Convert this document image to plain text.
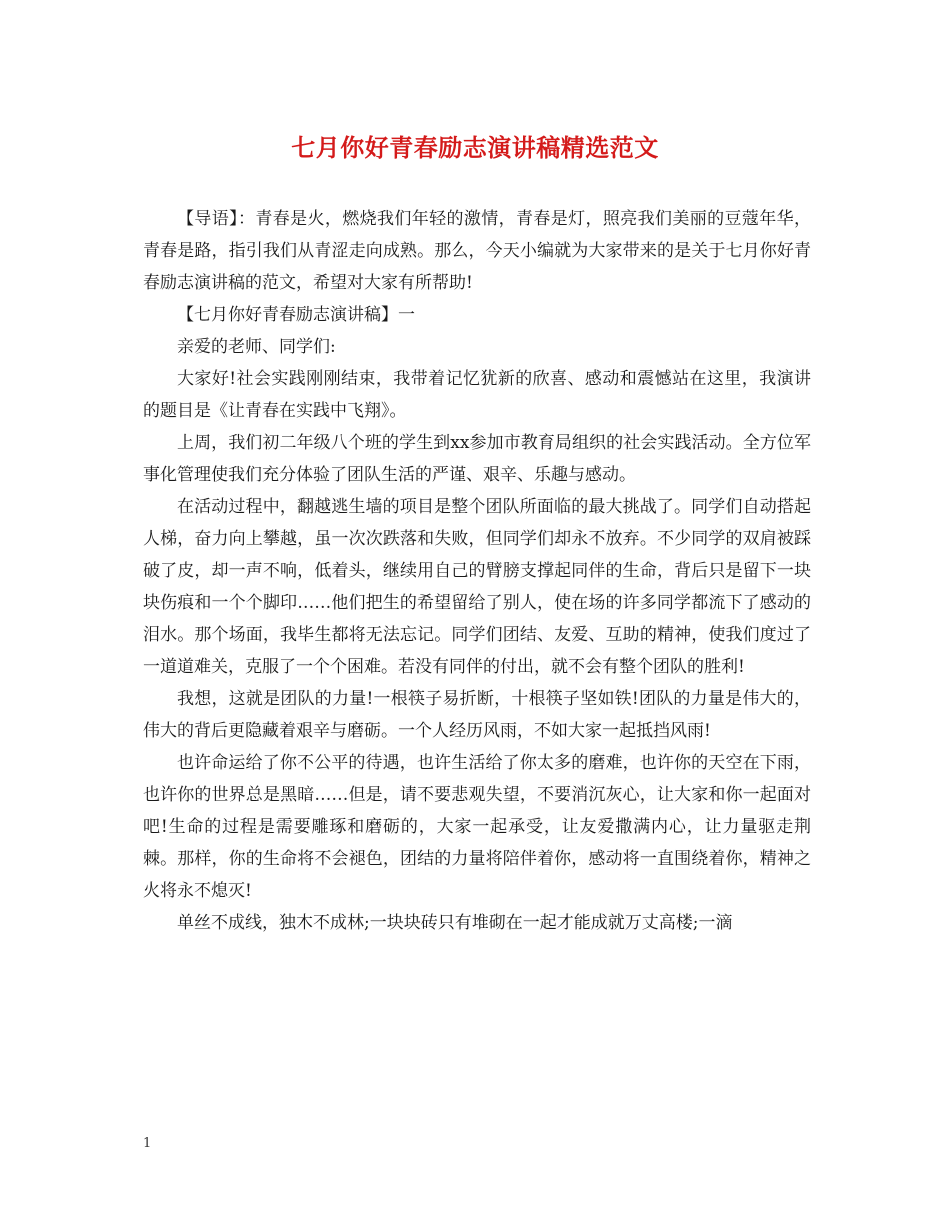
七月你好青春励志演讲稿精选范文

【导语】：青春是火，燃烧我们年轻的激情，青春是灯，照亮我们美丽的豆蔻年华，青春是路，指引我们从青涩走向成熟。那么，今天小编就为大家带来的是关于七月你好青春励志演讲稿的范文，希望对大家有所帮助!

【七月你好青春励志演讲稿】一

亲爱的老师、同学们:

大家好!社会实践刚刚结束，我带着记忆犹新的欣喜、感动和震憾站在这里，我演讲的题目是《让青春在实践中飞翔》。

上周，我们初二年级八个班的学生到xx参加市教育局组织的社会实践活动。全方位军事化管理使我们充分体验了团队生活的严谨、艰辛、乐趣与感动。

在活动过程中，翻越逃生墙的项目是整个团队所面临的最大挑战了。同学们自动搭起人梯，奋力向上攀越，虽一次次跌落和失败，但同学们却永不放弃。不少同学的双肩被踩破了皮，却一声不响，低着头，继续用自己的臂膀支撑起同伴的生命，背后只是留下一块块伤痕和一个个脚印……他们把生的希望留给了别人，使在场的许多同学都流下了感动的泪水。那个场面，我毕生都将无法忘记。同学们团结、友爱、互助的精神，使我们度过了一道道难关，克服了一个个困难。若没有同伴的付出，就不会有整个团队的胜利!

我想，这就是团队的力量!一根筷子易折断，十根筷子坚如铁!团队的力量是伟大的，伟大的背后更隐藏着艰辛与磨砺。一个人经历风雨，不如大家一起抵挡风雨!

也许命运给了你不公平的待遇，也许生活给了你太多的磨难，也许你的天空在下雨，也许你的世界总是黑暗……但是，请不要悲观失望，不要消沉灰心，让大家和你一起面对吧!生命的过程是需要雕琢和磨砺的，大家一起承受，让友爱撒满内心，让力量驱走荆棘。那样，你的生命将不会褪色，团结的力量将陪伴着你，感动将一直围绕着你，精神之火将永不熄灭!

单丝不成线，独木不成林;一块块砖只有堆砌在一起才能成就万丈高楼;一滴

1
